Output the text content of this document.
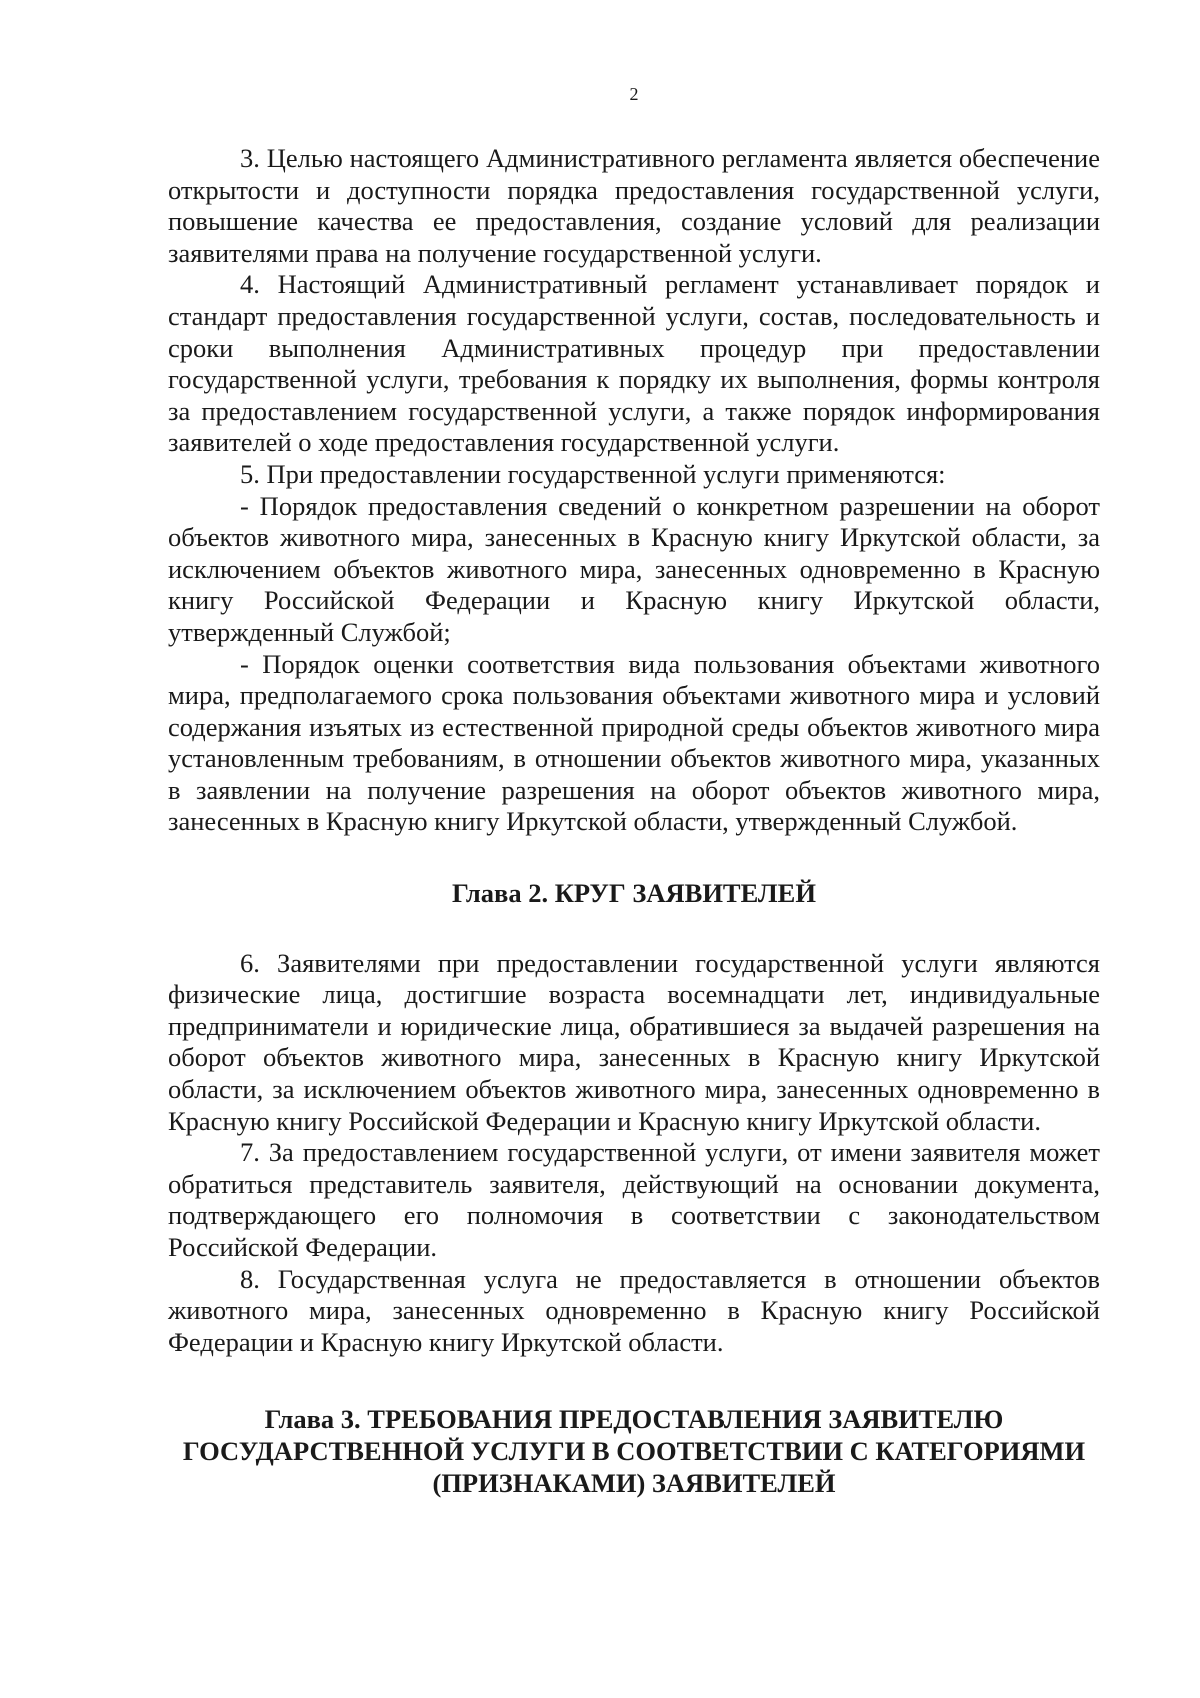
2

3. Целью настоящего Административного регламента является обеспечение открытости и доступности порядка предоставления государственной услуги, повышение качества ее предоставления, создание условий для реализации заявителями права на получение государственной услуги.

4. Настоящий Административный регламент устанавливает порядок и стандарт предоставления государственной услуги, состав, последовательность и сроки выполнения Административных процедур при предоставлении государственной услуги, требования к порядку их выполнения, формы контроля за предоставлением государственной услуги, а также порядок информирования заявителей о ходе предоставления государственной услуги.

5. При предоставлении государственной услуги применяются:

- Порядок предоставления сведений о конкретном разрешении на оборот объектов животного мира, занесенных в Красную книгу Иркутской области, за исключением объектов животного мира, занесенных одновременно в Красную книгу Российской Федерации и Красную книгу Иркутской области, утвержденный Службой;

- Порядок оценки соответствия вида пользования объектами животного мира, предполагаемого срока пользования объектами животного мира и условий содержания изъятых из естественной природной среды объектов животного мира установленным требованиям, в отношении объектов животного мира, указанных в заявлении на получение разрешения на оборот объектов животного мира, занесенных в Красную книгу Иркутской области, утвержденный Службой.

Глава 2. КРУГ ЗАЯВИТЕЛЕЙ

6. Заявителями при предоставлении государственной услуги являются физические лица, достигшие возраста восемнадцати лет, индивидуальные предприниматели и юридические лица, обратившиеся за выдачей разрешения на оборот объектов животного мира, занесенных в Красную книгу Иркутской области, за исключением объектов животного мира, занесенных одновременно в Красную книгу Российской Федерации и Красную книгу Иркутской области.

7. За предоставлением государственной услуги, от имени заявителя может обратиться представитель заявителя, действующий на основании документа, подтверждающего его полномочия в соответствии с законодательством Российской Федерации.

8. Государственная услуга не предоставляется в отношении объектов животного мира, занесенных одновременно в Красную книгу Российской Федерации и Красную книгу Иркутской области.

Глава 3. ТРЕБОВАНИЯ ПРЕДОСТАВЛЕНИЯ ЗАЯВИТЕЛЮ ГОСУДАРСТВЕННОЙ УСЛУГИ В СООТВЕТСТВИИ С КАТЕГОРИЯМИ (ПРИЗНАКАМИ) ЗАЯВИТЕЛЕЙ
